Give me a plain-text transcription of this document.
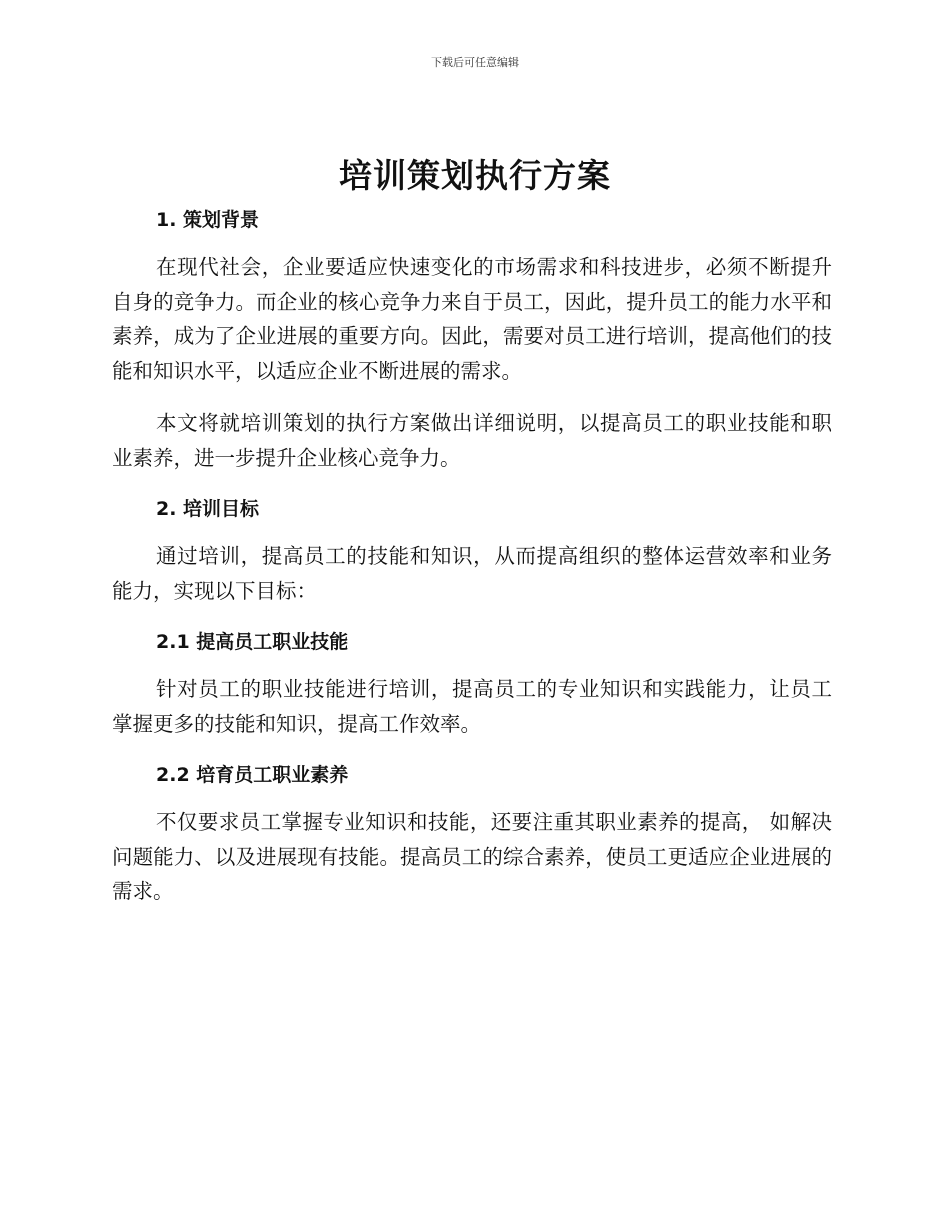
下载后可任意编辑
培训策划执行方案
1. 策划背景

在现代社会，企业要适应快速变化的市场需求和科技进步，必须不断提升自身的竞争力。而企业的核心竞争力来自于员工，因此，提升员工的能力水平和素养，成为了企业进展的重要方向。因此，需要对员工进行培训，提高他们的技能和知识水平，以适应企业不断进展的需求。

本文将就培训策划的执行方案做出详细说明，以提高员工的职业技能和职业素养，进一步提升企业核心竞争力。

2. 培训目标

通过培训，提高员工的技能和知识，从而提高组织的整体运营效率和业务能力，实现以下目标：

2.1 提高员工职业技能

针对员工的职业技能进行培训，提高员工的专业知识和实践能力，让员工掌握更多的技能和知识，提高工作效率。

2.2 培育员工职业素养

不仅要求员工掌握专业知识和技能，还要注重其职业素养的提高， 如解决问题能力、以及进展现有技能。提高员工的综合素养，使员工更适应企业进展的需求。
